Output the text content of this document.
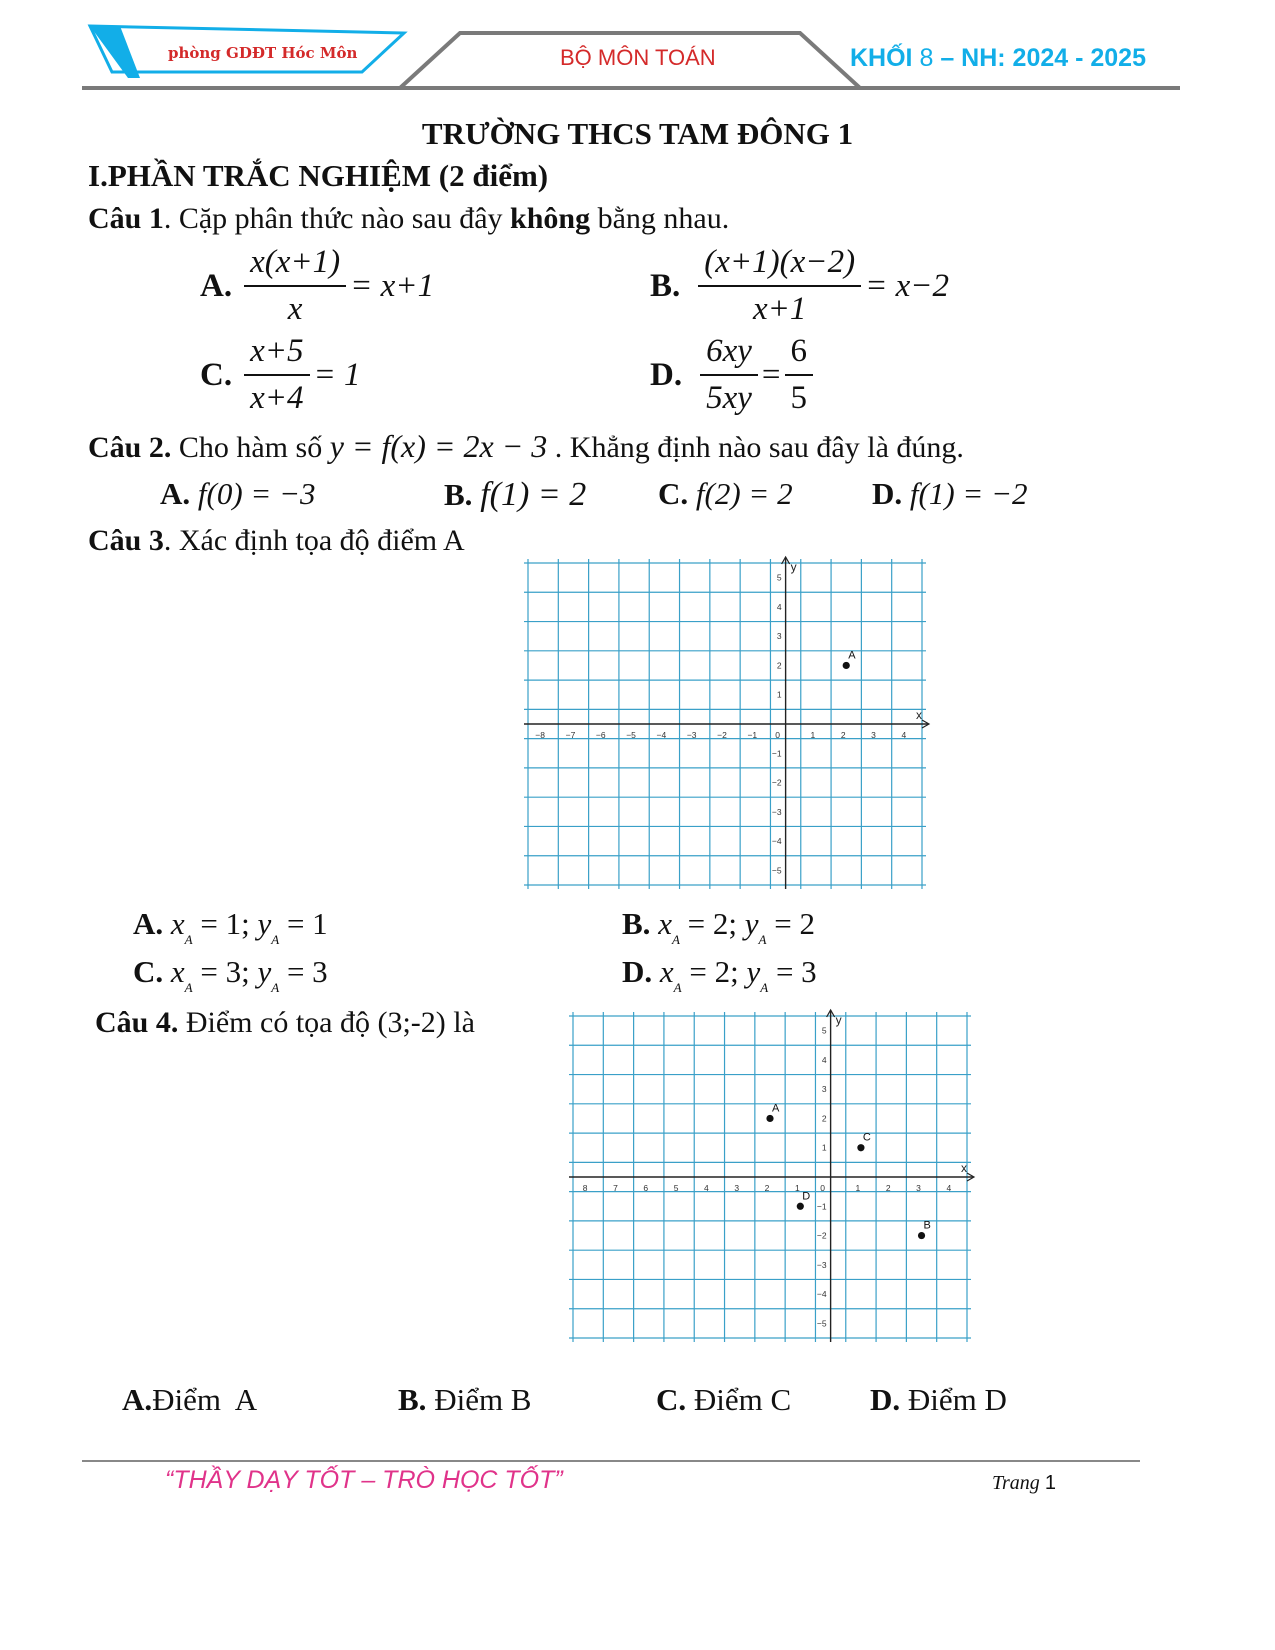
phòng GDĐT Hóc Môn	BỘ MÔN TOÁN	KHỐI 8 – NH: 2024 - 2025
TRƯỜNG THCS TAM ĐÔNG 1
I.PHẦN TRẮC NGHIỆM (2 điểm)
Câu 1. Cặp phân thức nào sau đây không bằng nhau.
A. $\frac{x(x+1)}{x} = x+1$	B. $\frac{(x+1)(x-2)}{x+1} = x-2$
C. $\frac{x+5}{x+4} = 1$	D. $\frac{6xy}{5xy} = \frac{6}{5}$
Câu 2. Cho hàm số y = f(x) = 2x − 3 . Khẳng định nào sau đây là đúng.
A. f(0) = −3	B. f(1) = 2 C. f(2) = 2	D. f(1) = −2
Câu 3. Xác định tọa độ điểm A
x
y
−8 −7 −6 −5 −4 −3 −2 −1 0	1	2	3	4
5
4
3
2
1
−1
−2
−3
−4
−5
A
A. $x_A = 1$; $y_A = 1$	B. $x_A = 2$; $y_A = 2$
C. $x_A = 3$; $y_A = 3$	D. $x_A = 2$; $y_A = 3$
Câu 4. Điểm có tọa độ (3;-2) là
x
y
8	7	6	5	4	3	2	1 0	1	2	3	4
5
4
3
2
1
−1
−2
−3
−4
−5
A
C
D
B
A.Điểm  A	B. Điểm B	C. Điểm C	D. Điểm D
“THẦY DẠY TỐT – TRÒ HỌC TỐT”	Trang 1
